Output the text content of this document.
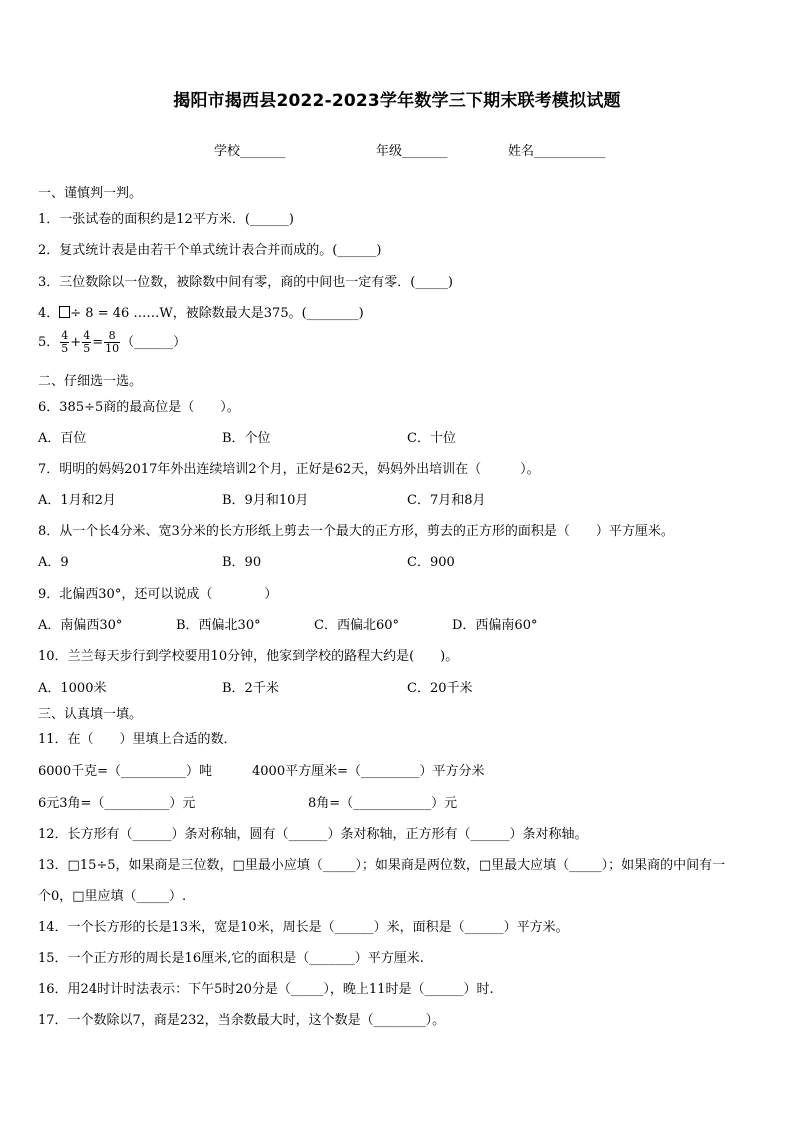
揭阳市揭西县2022-2023学年数学三下期末联考模拟试题
学校_______	年级_______	姓名___________
一、谨慎判一判。
1．一张试卷的面积约是12平方米．(______)
2．复式统计表是由若干个单式统计表合并而成的。(______)
3．三位数除以一位数，被除数中间有零，商的中间也一定有零．(_____)
4． ÷ 8 = 46 ……W，被除数最大是375。(________)
5． $\frac{4}{5} + \frac{4}{5} = \frac{8}{10}$ （______）
二、仔细选一选。
6．385÷5商的最高位是（　　）。
A．百位	B．个位	C．十位
7．明明的妈妈2017年外出连续培训2个月，正好是62天，妈妈外出培训在（　　　）。
A．1月和2月	B．9月和10月	C．7月和8月
8．从一个长4分米、宽3分米的长方形纸上剪去一个最大的正方形，剪去的正方形的面积是（　　）平方厘米。
A．9	B．90	C．900
9．北偏西30°，还可以说成（　　　　）
A．南偏西30°	B．西偏北30°	C．西偏北60°	D．西偏南60°
10．兰兰每天步行到学校要用10分钟，他家到学校的路程大约是(　　)。
A．1000米	B．2千米	C．20千米
三、认真填一填。
11．在（　　）里填上合适的数．
6000千克=（__________）吨	4000平方厘米=（_________）平方分米
6元3角=（__________）元	8角=（____________）元
12．长方形有（______）条对称轴，圆有（______）条对称轴，正方形有（______）条对称轴。
13．□15÷5，如果商是三位数，□里最小应填（_____）；如果商是两位数，□里最大应填（_____）；如果商的中间有一
个0，□里应填（_____）.
14．一个长方形的长是13米，宽是10米，周长是（______）米，面积是（______）平方米。
15．一个正方形的周长是16厘米,它的面积是（_______）平方厘米.
16．用24时计时法表示：下午5时20分是（_____），晚上11时是（______）时.
17．一个数除以7，商是232，当余数最大时，这个数是（________）。
